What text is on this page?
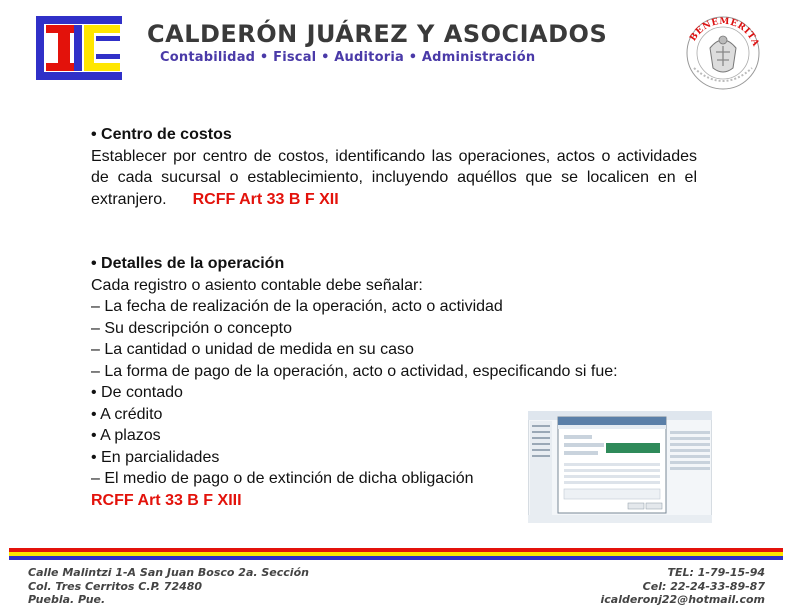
CALDERÓN JUÁREZ Y ASOCIADOS
Contabilidad • Fiscal • Auditoria • Administración
BENEMERITA
• Centro de costos
Establecer por centro de costos, identificando las operaciones, actos o actividades de cada sucursal o establecimiento, incluyendo aquéllos que se localicen en el extranjero. RCFF Art 33 B F XII
• Detalles de la operación
Cada registro o asiento contable debe señalar:
– La fecha de realización de la operación, acto o actividad
– Su descripción o concepto
– La cantidad o unidad de medida en su caso
– La forma de pago de la operación, acto o actividad, especificando si fue:
• De contado
• A crédito
• A plazos
• En parcialidades
– El medio de pago o de extinción de dicha obligación
RCFF Art 33 B F XIII
Calle Malintzi 1-A San Juan Bosco 2a. Sección
Col. Tres Cerritos C.P. 72480
Puebla. Pue.
TEL: 1-79-15-94
Cel: 22-24-33-89-87
icalderonj22@hotmail.com
